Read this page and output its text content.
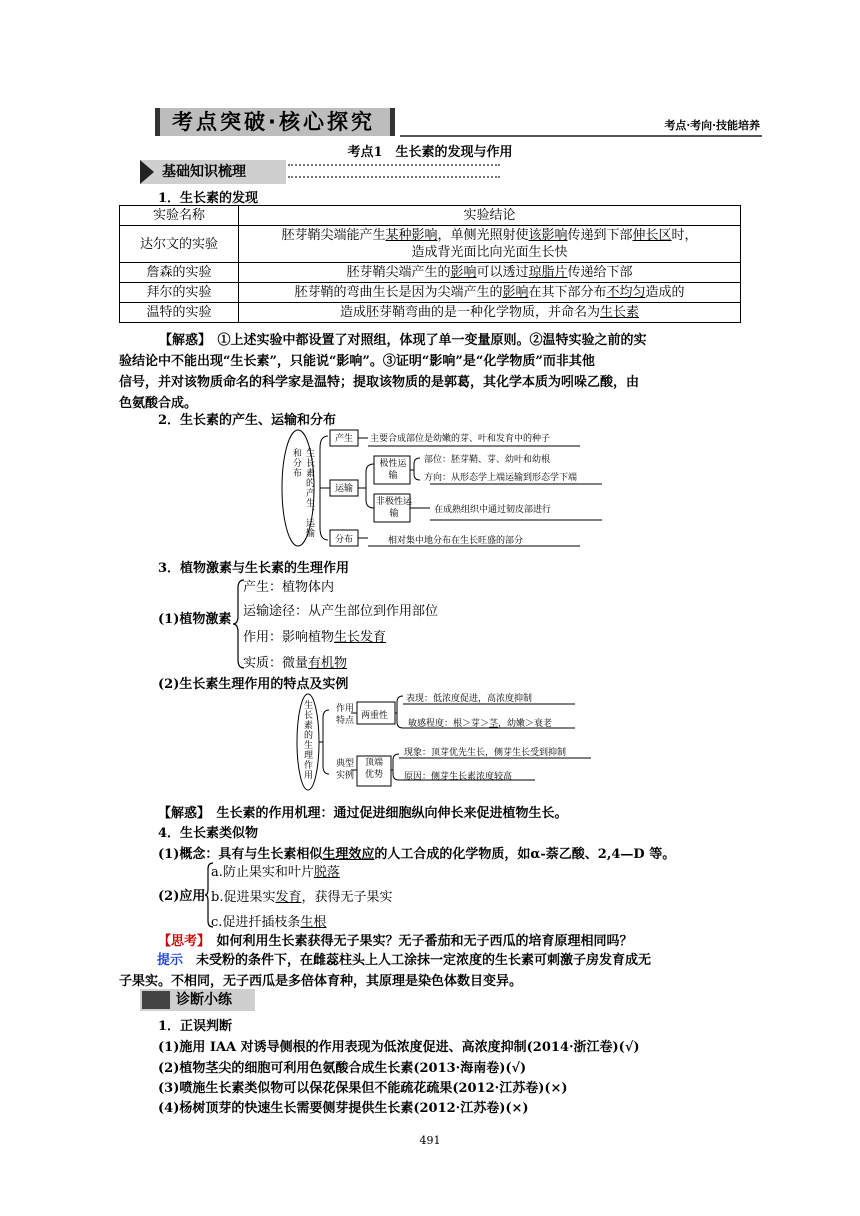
考点突破·核心探究	考点·考向·技能培养
考点1　生长素的发现与作用
基础知识梳理
1．生长素的发现
实验名称	实验结论
达尔文的实验	胚芽鞘尖端能产生某种影响，单侧光照射使该影响传递到下部伸长区时，
造成背光面比向光面生长快
詹森的实验	胚芽鞘尖端产生的影响可以透过琼脂片传递给下部
拜尔的实验	胚芽鞘的弯曲生长是因为尖端产生的影响在其下部分布不均匀造成的
温特的实验	造成胚芽鞘弯曲的是一种化学物质，并命名为生长素
【解惑】　 ①上述实验中都设置了对照组，体现了单一变量原则。②温特实验之前的实
验结论中不能出现“生长素”，只能说“影响”。③证明“影响”是“化学物质”而非其他
信号，并对该物质命名的科学家是温特；提取该物质的是郭葛，其化学本质为吲哚乙酸，由
色氨酸合成。
2．生长素的产生、运输和分布
生长素的产生、运输和分布
产生 主要合成部位是幼嫩的芽、叶和发育中的种子
运输
极性运输
部位：胚芽鞘、芽、幼叶和幼根
方向：从形态学上端运输到形态学下端
非极性运输	在成熟组织中通过韧皮部进行
分布	相对集中地分布在生长旺盛的部分
3．植物激素与生长素的生理作用
(1)植物激素
产生：植物体内
运输途径：从产生部位到作用部位
作用：影响植物生长发育
实质：微量有机物
(2)生长素生理作用的特点及实例
生长素的生理作用	作用特点 两重性
表现：低浓度促进，高浓度抑制
敏感程度：根＞芽＞茎，幼嫩＞衰老
典型实例
顶端优势
现象：顶芽优先生长，侧芽生长受到抑制
原因：侧芽生长素浓度较高
【解惑】　 生长素的作用机理：通过促进细胞纵向伸长来促进植物生长。
4．生长素类似物
(1)概念：具有与生长素相似生理效应的人工合成的化学物质，如α-萘乙酸、2,4—D 等。
(2)应用
a.防止果实和叶片脱落
b.促进果实发育，获得无子果实
c.促进扦插枝条生根
【思考】　 如何利用生长素获得无子果实？无子番茄和无子西瓜的培育原理相同吗？
提示　 未受粉的条件下，在雌蕊柱头上人工涂抹一定浓度的生长素可刺激子房发育成无
子果实。不相同，无子西瓜是多倍体育种，其原理是染色体数目变异。
诊断小练
1．正误判断
(1)施用 IAA 对诱导侧根的作用表现为低浓度促进、高浓度抑制(2014·浙江卷)(√)
(2)植物茎尖的细胞可利用色氨酸合成生长素(2013·海南卷)(√)
(3)喷施生长素类似物可以保花保果但不能疏花疏果(2012·江苏卷)(×)
(4)杨树顶芽的快速生长需要侧芽提供生长素(2012·江苏卷)(×)
491
